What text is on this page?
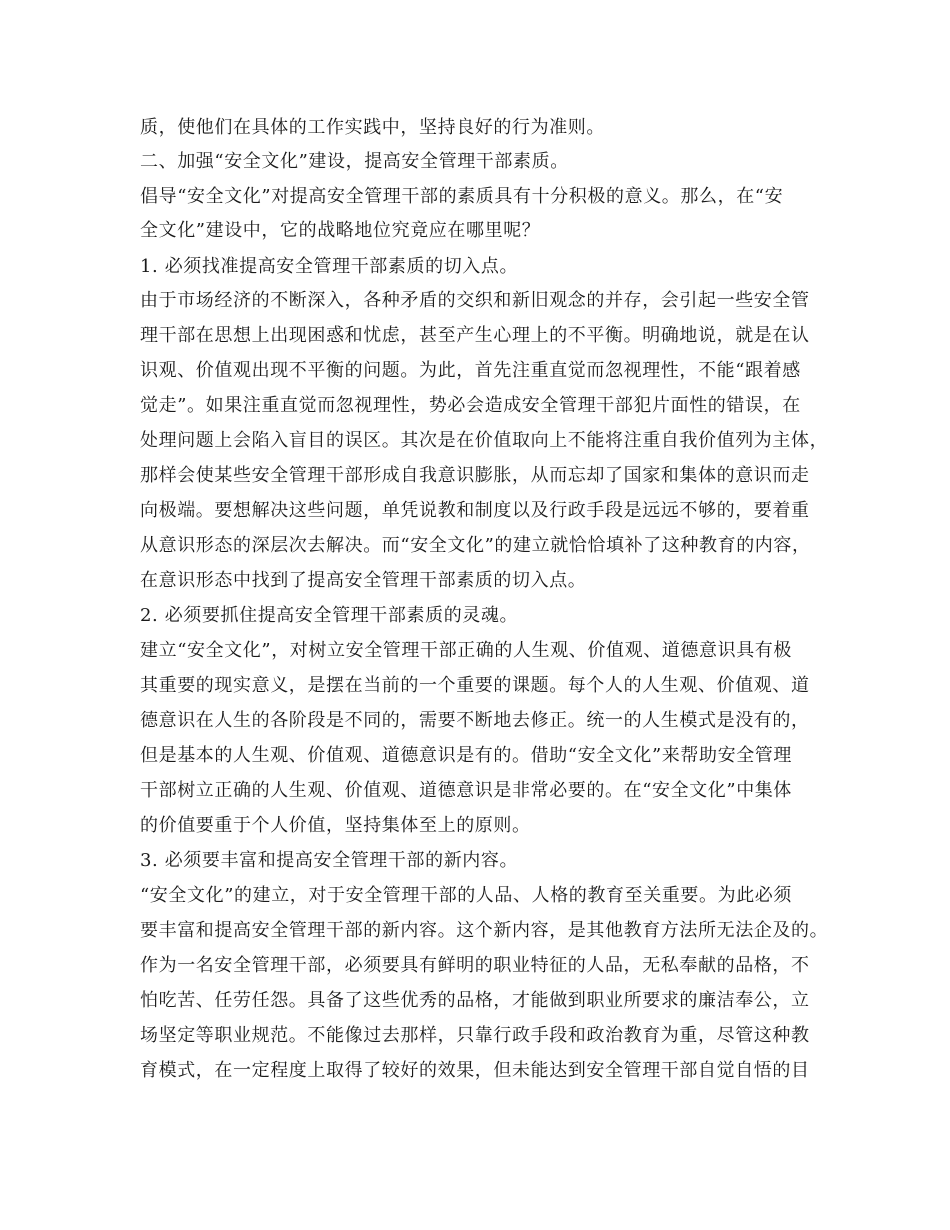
质，使他们在具体的工作实践中，坚持良好的行为准则。
二、加强“安全文化”建设，提高安全管理干部素质。
倡导“安全文化”对提高安全管理干部的素质具有十分积极的意义。那么，在“安
全文化”建设中，它的战略地位究竟应在哪里呢？
1. 必须找准提高安全管理干部素质的切入点。
由于市场经济的不断深入，各种矛盾的交织和新旧观念的并存，会引起一些安全管
理干部在思想上出现困惑和忧虑，甚至产生心理上的不平衡。明确地说，就是在认
识观、价值观出现不平衡的问题。为此，首先注重直觉而忽视理性，不能“跟着感
觉走”。如果注重直觉而忽视理性，势必会造成安全管理干部犯片面性的错误，在
处理问题上会陷入盲目的误区。其次是在价值取向上不能将注重自我价值列为主体，
那样会使某些安全管理干部形成自我意识膨胀，从而忘却了国家和集体的意识而走
向极端。要想解决这些问题，单凭说教和制度以及行政手段是远远不够的，要着重
从意识形态的深层次去解决。而“安全文化”的建立就恰恰填补了这种教育的内容，
在意识形态中找到了提高安全管理干部素质的切入点。
2. 必须要抓住提高安全管理干部素质的灵魂。
建立“安全文化”，对树立安全管理干部正确的人生观、价值观、道德意识具有极
其重要的现实意义，是摆在当前的一个重要的课题。每个人的人生观、价值观、道
德意识在人生的各阶段是不同的，需要不断地去修正。统一的人生模式是没有的，
但是基本的人生观、价值观、道德意识是有的。借助“安全文化”来帮助安全管理
干部树立正确的人生观、价值观、道德意识是非常必要的。在“安全文化”中集体
的价值要重于个人价值，坚持集体至上的原则。
3. 必须要丰富和提高安全管理干部的新内容。
“安全文化”的建立，对于安全管理干部的人品、人格的教育至关重要。为此必须
要丰富和提高安全管理干部的新内容。这个新内容，是其他教育方法所无法企及的。
作为一名安全管理干部，必须要具有鲜明的职业特征的人品，无私奉献的品格，不
怕吃苦、任劳任怨。具备了这些优秀的品格，才能做到职业所要求的廉洁奉公，立
场坚定等职业规范。不能像过去那样，只靠行政手段和政治教育为重，尽管这种教
育模式，在一定程度上取得了较好的效果，但未能达到安全管理干部自觉自悟的目
